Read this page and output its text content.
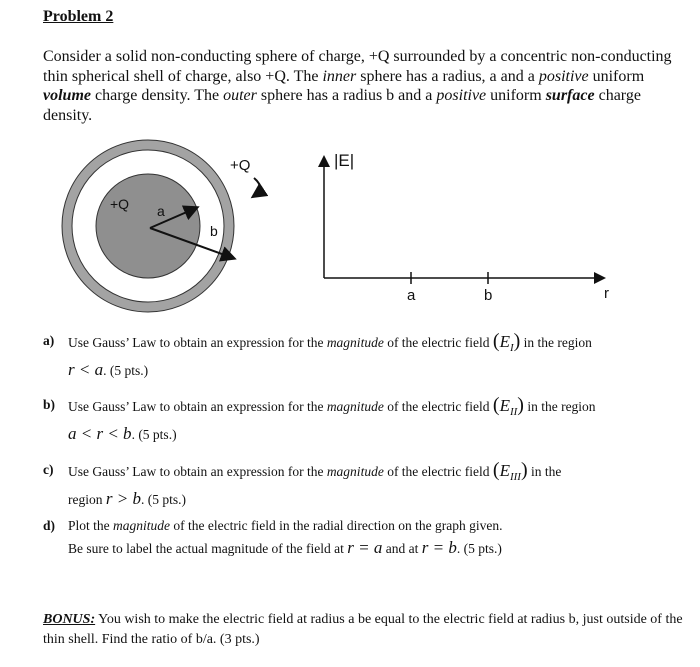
Problem 2
Consider a solid non-conducting sphere of charge, +Q surrounded by a concentric non-conducting thin spherical shell of charge, also +Q. The inner sphere has a radius, a and a positive uniform volume charge density. The outer sphere has a radius b and a positive uniform surface charge density.
+Q a
b
+Q	|E|
a	b	r
a) Use Gauss’ Law to obtain an expression for the magnitude of the electric field $(E_I)$ in the region
r < a. (5 pts.)
b) Use Gauss’ Law to obtain an expression for the magnitude of the electric field $(E_{II})$ in the region
a < r < b. (5 pts.)
c) Use Gauss’ Law to obtain an expression for the magnitude of the electric field $(E_{III})$ in the
region r > b. (5 pts.)
d) Plot the magnitude of the electric field in the radial direction on the graph given.
Be sure to label the actual magnitude of the field at r = a and at r = b. (5 pts.)
BONUS: You wish to make the electric field at radius a be equal to the electric field at radius b, just outside of the thin shell. Find the ratio of b/a. (3 pts.)
